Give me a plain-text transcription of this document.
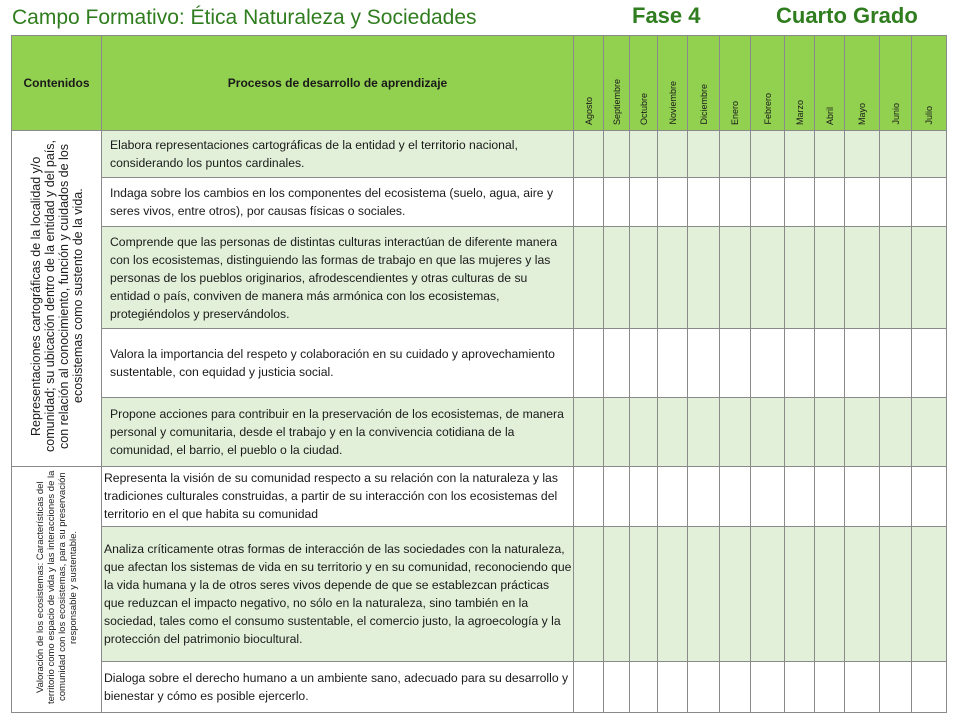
Campo Formativo: Ética Naturaleza y Sociedades	Fase 4	Cuarto Grado
Contenidos	Procesos de desarrollo de aprendizaje	Agosto	Septiembre	Octubre	Noviembre	Diciembre	Enero	Febrero	Marzo	Abril	Mayo	Junio	Julio
Representaciones cartográficas de la localidad y/o comunidad; su ubicación dentro de la entidad y del país, con relación al conocimiento, función y cuidados de los ecosistemas como sustento de la vida.	Elabora representaciones cartográficas de la entidad y el territorio nacional, considerando los puntos cardinales.												
	Indaga sobre los cambios en los componentes del ecosistema (suelo, agua, aire y seres vivos, entre otros), por causas físicas o sociales.												
	Comprende que las personas de distintas culturas interactúan de diferente manera con los ecosistemas, distinguiendo las formas de trabajo en que las mujeres y las personas de los pueblos originarios, afrodescendientes y otras culturas de su entidad o país, conviven de manera más armónica con los ecosistemas, protegiéndolos y preservándolos.												
	Valora la importancia del respeto y colaboración en su cuidado y aprovechamiento sustentable, con equidad y justicia social.												
	Propone acciones para contribuir en la preservación de los ecosistemas, de manera personal y comunitaria, desde el trabajo y en la convivencia cotidiana de la comunidad, el barrio, el pueblo o la ciudad.												
Valoración de los ecosistemas: Características del territorio como espacio de vida y las interacciones de la comunidad con los ecosistemas, para su preservación responsable y sustentable.	Representa la visión de su comunidad respecto a su relación con la naturaleza y las tradiciones culturales construidas, a partir de su interacción con los ecosistemas del territorio en el que habita su comunidad												
	Analiza críticamente otras formas de interacción de las sociedades con la naturaleza, que afectan los sistemas de vida en su territorio y en su comunidad, reconociendo que la vida humana y la de otros seres vivos depende de que se establezcan prácticas que reduzcan el impacto negativo, no sólo en la naturaleza, sino también en la sociedad, tales como el consumo sustentable, el comercio justo, la agroecología y la protección del patrimonio biocultural.												
	Dialoga sobre el derecho humano a un ambiente sano, adecuado para su desarrollo y bienestar y cómo es posible ejercerlo.												
